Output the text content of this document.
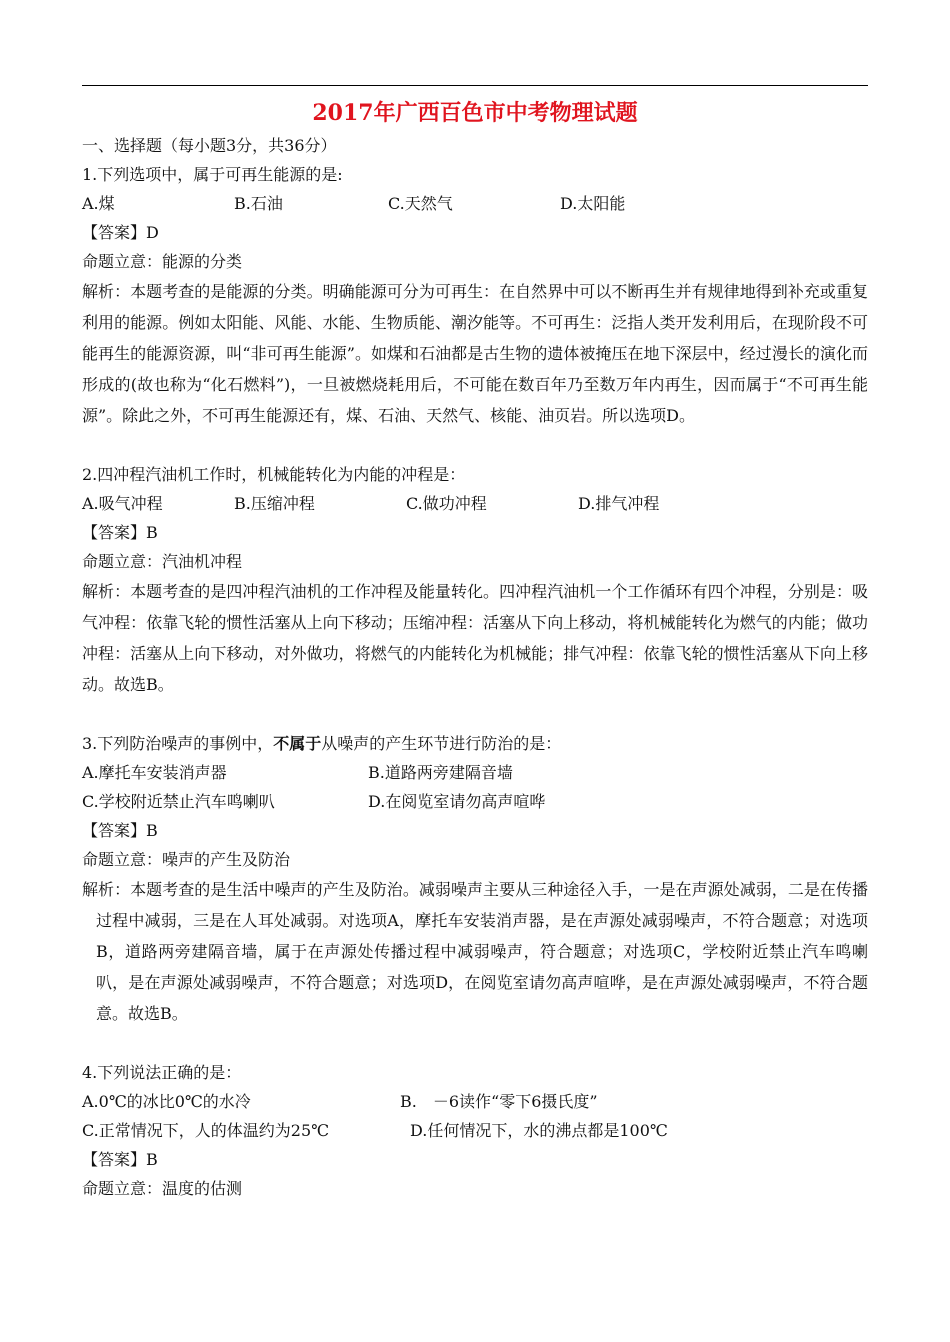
2017年广西百色市中考物理试题
一、选择题（每小题3分，共36分）
1.下列选项中，属于可再生能源的是:
A.煤	B.石油	C.天然气	D.太阳能
【答案】D
命题立意：能源的分类

解析：本题考查的是能源的分类。明确能源可分为可再生：在自然界中可以不断再生并有规律地得到补充或重复利用的能源。例如太阳能、风能、水能、生物质能、潮汐能等。不可再生：泛指人类开发利用后，在现阶段不可能再生的能源资源，叫“非可再生能源”。如煤和石油都是古生物的遗体被掩压在地下深层中，经过漫长的演化而形成的(故也称为“化石燃料”)，一旦被燃烧耗用后，不可能在数百年乃至数万年内再生，因而属于“不可再生能源”。除此之外，不可再生能源还有，煤、石油、天然气、核能、油页岩。所以选项D。

2.四冲程汽油机工作时，机械能转化为内能的冲程是：
A.吸气冲程	B.压缩冲程	C.做功冲程	D.排气冲程
【答案】B
命题立意：汽油机冲程

解析：本题考查的是四冲程汽油机的工作冲程及能量转化。四冲程汽油机一个工作循环有四个冲程，分别是：吸气冲程：依靠飞轮的惯性活塞从上向下移动；压缩冲程：活塞从下向上移动，将机械能转化为燃气的内能；做功冲程：活塞从上向下移动，对外做功，将燃气的内能转化为机械能；排气冲程：依靠飞轮的惯性活塞从下向上移动。故选B。

3.下列防治噪声的事例中，不属于从噪声的产生环节进行防治的是：
A.摩托车安装消声器	B.道路两旁建隔音墙
C.学校附近禁止汽车鸣喇叭	D.在阅览室请勿高声喧哗
【答案】B
命题立意：噪声的产生及防治

解析：本题考查的是生活中噪声的产生及防治。减弱噪声主要从三种途径入手，一是在声源处减弱，二是在传播过程中减弱，三是在人耳处减弱。对选项A，摩托车安装消声器，是在声源处减弱噪声，不符合题意；对选项B，道路两旁建隔音墙，属于在声源处传播过程中减弱噪声，符合题意；对选项C，学校附近禁止汽车鸣喇叭，是在声源处减弱噪声，不符合题意；对选项D，在阅览室请勿高声喧哗，是在声源处减弱噪声，不符合题意。故选B。

4.下列说法正确的是：
A.0℃的冰比0℃的水冷	B.　－6读作“零下6摄氏度”
C.正常情况下，人的体温约为25℃	D.任何情况下，水的沸点都是100℃
【答案】B
命题立意：温度的估测
